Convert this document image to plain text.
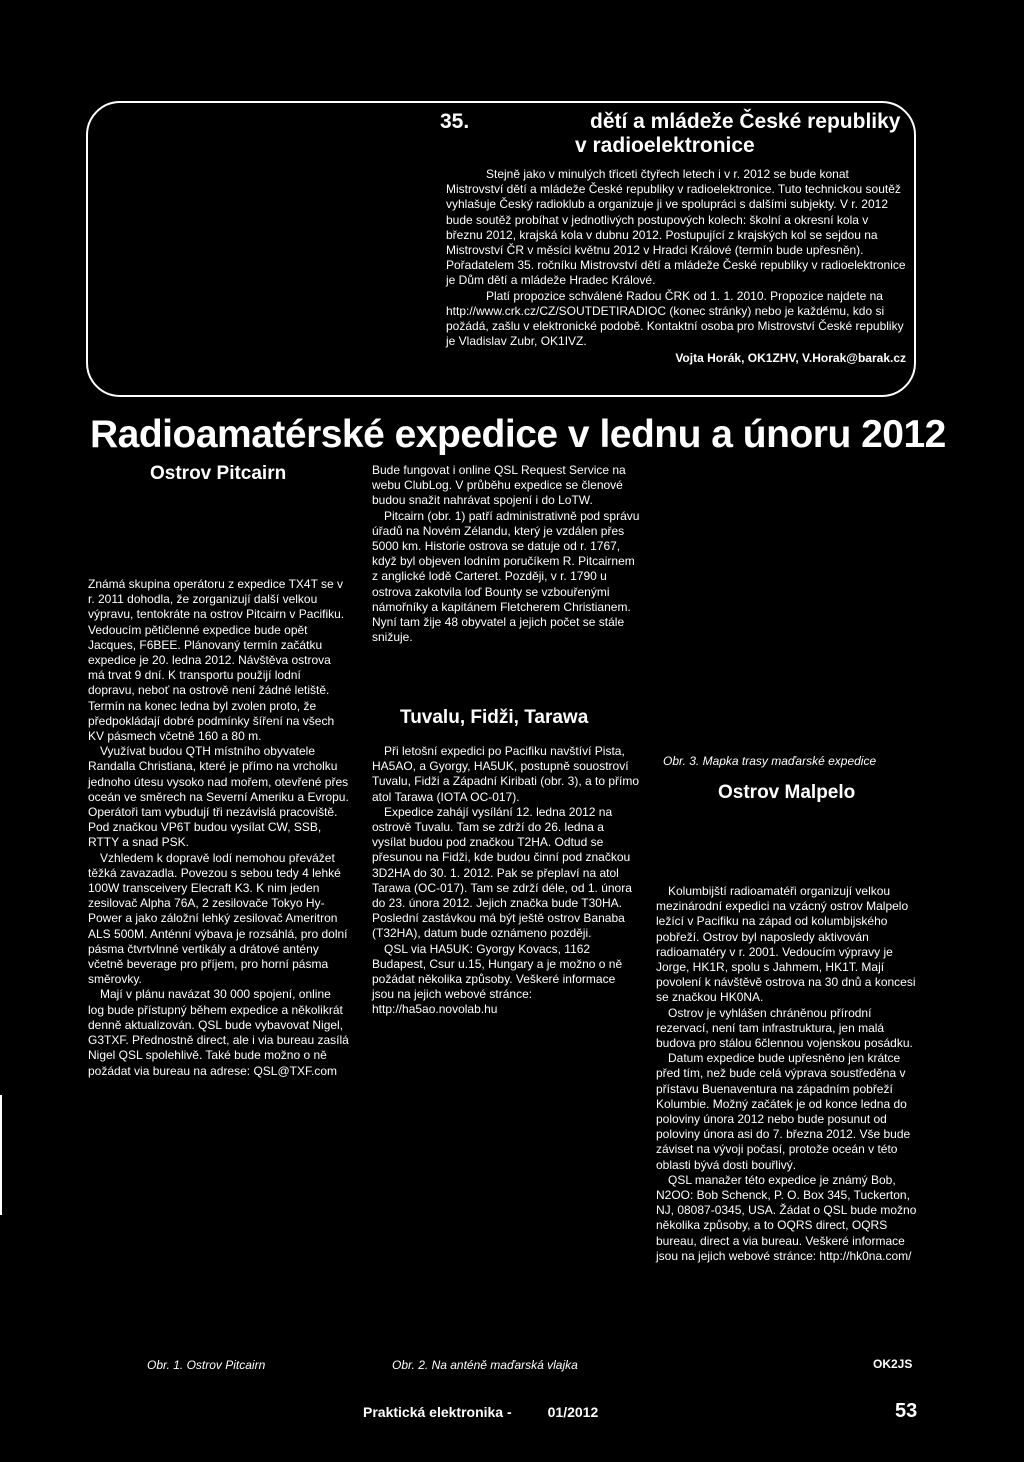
35.	dětí a mládeže České republiky
v radioelektronice

Stejně jako v minulých třiceti čtyřech letech i v r. 2012 se bude konat Mistrovství dětí a mládeže České republiky v radioelektronice. Tuto technickou soutěž vyhlašuje Český radioklub a organizuje ji ve spolupráci s dalšími subjekty. V r. 2012 bude soutěž probíhat v jednotlivých postupových kolech: školní a okresní kola v březnu 2012, krajská kola v dubnu 2012. Postupující z krajských kol se sejdou na Mistrovství ČR v měsíci květnu 2012 v Hradci Králové (termín bude upřesněn). Pořadatelem 35. ročníku Mistrovství dětí a mládeže České republiky v radioelektronice je Dům dětí a mládeže Hradec Králové.

Platí propozice schválené Radou ČRK od 1. 1. 2010. Propozice najdete na http://www.crk.cz/CZ/SOUTDETIRADIOC (konec stránky) nebo je každému, kdo si požádá, zašlu v elektronické podobě. Kontaktní osoba pro Mistrovství České republiky je Vladislav Zubr, OK1IVZ.

Vojta Horák, OK1ZHV, V.Horak@barak.cz

Radioamatérské expedice v lednu a únoru 2012
Ostrov Pitcairn

Známá skupina operátoru z expedice TX4T se v r. 2011 dohodla, že zorganizují další velkou výpravu, tentokráte na ostrov Pitcairn v Pacifiku. Vedoucím pětičlenné expedice bude opět Jacques, F6BEE. Plánovaný termín začátku expedice je 20. ledna 2012. Návštěva ostrova má trvat 9 dní. K transportu použijí lodní dopravu, neboť na ostrově není žádné letiště. Termín na konec ledna byl zvolen proto, že předpokládají dobré podmínky šíření na všech KV pásmech včetně 160 a 80 m.

Využívat budou QTH místního obyvatele Randalla Christiana, které je přímo na vrcholku jednoho útesu vysoko nad mořem, otevřené přes oceán ve směrech na Severní Ameriku a Evropu. Operátoři tam vybudují tři nezávislá pracoviště. Pod značkou VP6T budou vysílat CW, SSB, RTTY a snad PSK.

Vzhledem k dopravě lodí nemohou převážet těžká zavazadla. Povezou s sebou tedy 4 lehké 100W transceivery Elecraft K3. K nim jeden zesilovač Alpha 76A, 2 zesilovače Tokyo Hy-Power a jako záložní lehký zesilovač Ameritron ALS 500M. Anténní výbava je rozsáhlá, pro dolní pásma čtvrtvlnné vertikály a drátové antény včetně beverage pro příjem, pro horní pásma směrovky.

Mají v plánu navázat 30 000 spojení, online log bude přístupný během expedice a několikrát denně aktualizován. QSL bude vybavovat Nigel, G3TXF. Přednostně direct, ale i via bureau zasílá Nigel QSL spolehlivě. Také bude možno o ně požádat via bureau na adrese: QSL@TXF.com

Obr. 1. Ostrov Pitcairn

Bude fungovat i online QSL Request Service na webu ClubLog. V průběhu expedice se členové budou snažit nahrávat spojení i do LoTW.

Pitcairn (obr. 1) patří administrativně pod správu úřadů na Novém Zélandu, který je vzdálen přes 5000 km. Historie ostrova se datuje od r. 1767, když byl objeven lodním poručíkem R. Pitcairnem z anglické lodě Carteret. Později, v r. 1790 u ostrova zakotvila loď Bounty se vzbouřenými námořníky a kapitánem Fletcherem Christianem. Nyní tam žije 48 obyvatel a jejich počet se stále snižuje.

Tuvalu, Fidži, Tarawa

Při letošní expedici po Pacifiku navštíví Pista, HA5AO, a Gyorgy, HA5UK, postupně souostroví Tuvalu, Fidži a Západní Kiribati (obr. 3), a to přímo atol Tarawa (IOTA OC-017).

Expedice zahájí vysílání 12. ledna 2012 na ostrově Tuvalu. Tam se zdrží do 26. ledna a vysílat budou pod značkou T2HA. Odtud se přesunou na Fidži, kde budou činní pod značkou 3D2HA do 30. 1. 2012. Pak se přeplaví na atol Tarawa (OC-017). Tam se zdrží déle, od 1. února do 23. února 2012. Jejich značka bude T30HA. Poslední zastávkou má být ještě ostrov Banaba (T32HA), datum bude oznámeno později.

QSL via HA5UK: Gyorgy Kovacs, 1162 Budapest, Csur u.15, Hungary a je možno o ně požádat několika způsoby. Veškeré informace jsou na jejich webové stránce: http://ha5ao.novolab.hu

Obr. 2. Na anténě maďarská vlajka
Obr. 3. Mapka trasy maďarské expedice
Ostrov Malpelo

Kolumbijští radioamatéři organizují velkou mezinárodní expedici na vzácný ostrov Malpelo ležící v Pacifiku na západ od kolumbijského pobřeží. Ostrov byl naposledy aktivován radioamatéry v r. 2001. Vedoucím výpravy je Jorge, HK1R, spolu s Jahmem, HK1T. Mají povolení k návštěvě ostrova na 30 dnů a koncesi se značkou HK0NA.

Ostrov je vyhlášen chráněnou přírodní rezervací, není tam infrastruktura, jen malá budova pro stálou 6člennou vojenskou posádku.

Datum expedice bude upřesněno jen krátce před tím, než bude celá výprava soustředěna v přístavu Buenaventura na západním pobřeží Kolumbie. Možný začátek je od konce ledna do poloviny února 2012 nebo bude posunut od poloviny února asi do 7. března 2012. Vše bude záviset na vývoji počasí, protože oceán v této oblasti bývá dosti bouřlivý.

QSL manažer této expedice je známý Bob, N2OO: Bob Schenck, P. O. Box 345, Tuckerton, NJ, 08087-0345, USA. Žádat o QSL bude možno několika způsoby, a to OQRS direct, OQRS bureau, direct a via bureau. Veškeré informace jsou na jejich webové stránce: http://hk0na.com/

OK2JS
Praktická elektronika -	01/2012	53
